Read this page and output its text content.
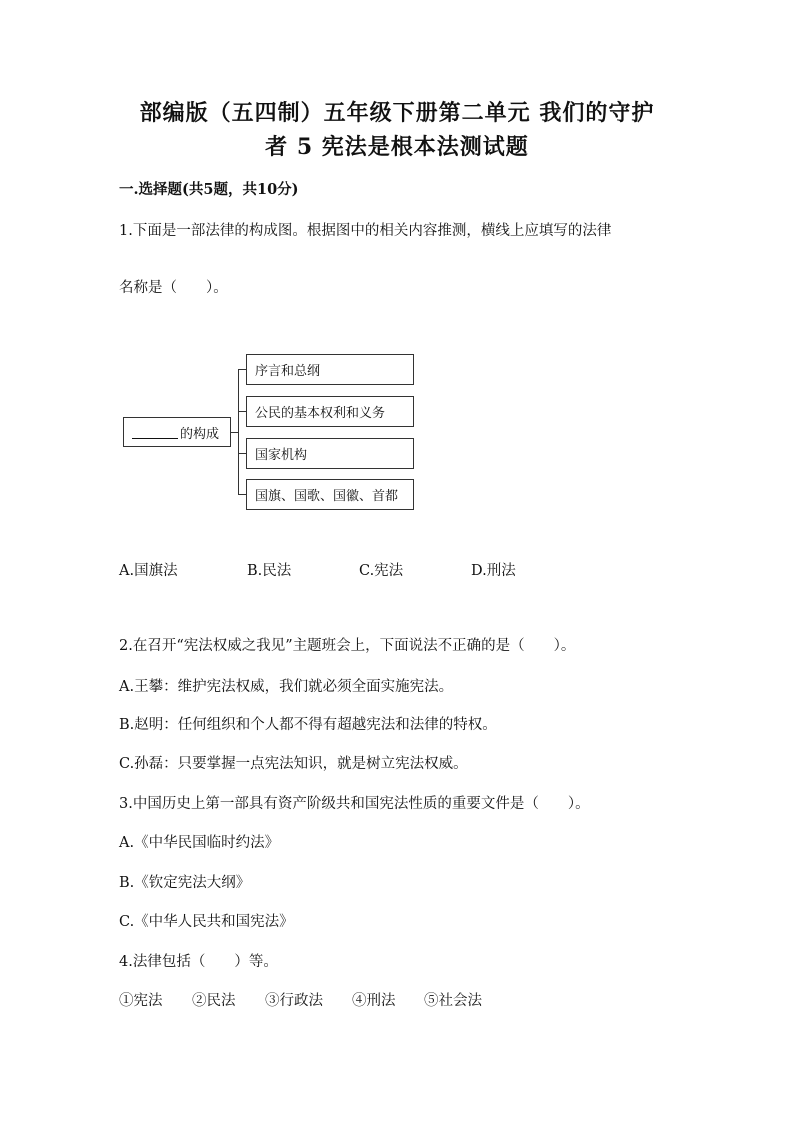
部编版（五四制）五年级下册第二单元 我们的守护
者 5 宪法是根本法测试题
一.选择题(共5题，共10分)
1.下面是一部法律的构成图。根据图中的相关内容推测，横线上应填写的法律
名称是（　　）。
的构成
序言和总纲
公民的基本权利和义务
国家机构
国旗、国歌、国徽、首都
A.国旗法	B.民法	C.宪法	D.刑法
2.在召开“宪法权威之我见”主题班会上，下面说法不正确的是（　　）。
A.王攀：维护宪法权威，我们就必须全面实施宪法。
B.赵明：任何组织和个人都不得有超越宪法和法律的特权。
C.孙磊：只要掌握一点宪法知识，就是树立宪法权威。
3.中国历史上第一部具有资产阶级共和国宪法性质的重要文件是（　　）。
A.《中华民国临时约法》
B.《钦定宪法大纲》
C.《中华人民共和国宪法》
4.法律包括（　　）等。
①宪法 ②民法 ③行政法 ④刑法 ⑤社会法
